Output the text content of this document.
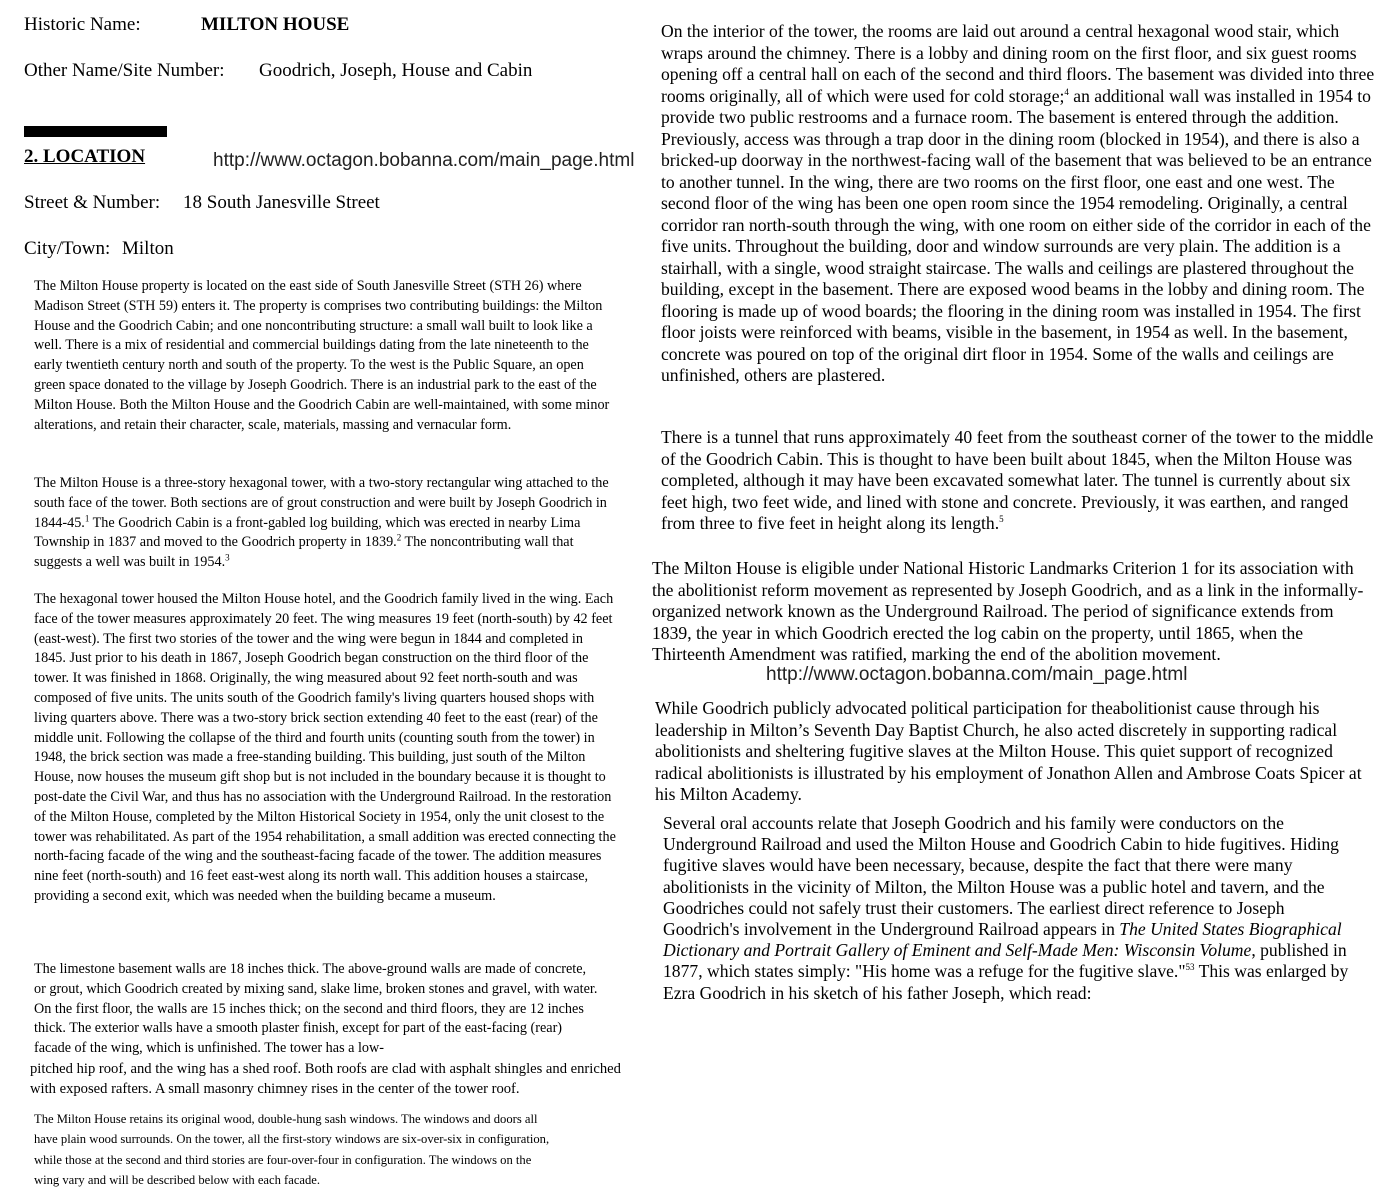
Historic Name:	MILTON HOUSE
Other Name/Site Number: Goodrich, Joseph, House and Cabin
2. LOCATION	http://www.octagon.bobanna.com/main_page.html
Street & Number: 18 South Janesville Street
City/Town: Milton
The Milton House property is located on the east side of South Janesville Street (STH 26) where Madison Street (STH 59) enters it. The property is comprises two contributing buildings: the Milton House and the Goodrich Cabin; and one noncontributing structure: a small wall built to look like a well. There is a mix of residential and commercial buildings dating from the late nineteenth to the early twentieth century north and south of the property. To the west is the Public Square, an open green space donated to the village by Joseph Goodrich. There is an industrial park to the east of the Milton House. Both the Milton House and the Goodrich Cabin are well-maintained, with some minor alterations, and retain their character, scale, materials, massing and vernacular form.
The Milton House is a three-story hexagonal tower, with a two-story rectangular wing attached to the south face of the tower. Both sections are of grout construction and were built by Joseph Goodrich in 1844-45.$^1$ The Goodrich Cabin is a front-gabled log building, which was erected in nearby Lima Township in 1837 and moved to the Goodrich property in 1839.$^2$ The noncontributing wall that suggests a well was built in 1954.$^3$
The hexagonal tower housed the Milton House hotel, and the Goodrich family lived in the wing. Each face of the tower measures approximately 20 feet. The wing measures 19 feet (north-south) by 42 feet (east-west). The first two stories of the tower and the wing were begun in 1844 and completed in 1845. Just prior to his death in 1867, Joseph Goodrich began construction on the third floor of the tower. It was finished in 1868. Originally, the wing measured about 92 feet north-south and was composed of five units. The units south of the Goodrich family's living quarters housed shops with living quarters above. There was a two-story brick section extending 40 feet to the east (rear) of the middle unit. Following the collapse of the third and fourth units (counting south from the tower) in 1948, the brick section was made a free-standing building. This building, just south of the Milton House, now houses the museum gift shop but is not included in the boundary because it is thought to post-date the Civil War, and thus has no association with the Underground Railroad. In the restoration of the Milton House, completed by the Milton Historical Society in 1954, only the unit closest to the tower was rehabilitated. As part of the 1954 rehabilitation, a small addition was erected connecting the north-facing facade of the wing and the southeast-facing facade of the tower. The addition measures nine feet (north-south) and 16 feet east-west along its north wall. This addition houses a staircase, providing a second exit, which was needed when the building became a museum.
The limestone basement walls are 18 inches thick. The above-ground walls are made of concrete, or grout, which Goodrich created by mixing sand, slake lime, broken stones and gravel, with water. On the first floor, the walls are 15 inches thick; on the second and third floors, they are 12 inches thick. The exterior walls have a smooth plaster finish, except for part of the east-facing (rear) facade of the wing, which is unfinished. The tower has a low-
pitched hip roof, and the wing has a shed roof. Both roofs are clad with asphalt shingles and enriched with exposed rafters. A small masonry chimney rises in the center of the tower roof.
The Milton House retains its original wood, double-hung sash windows. The windows and doors all have plain wood surrounds. On the tower, all the first-story windows are six-over-six in configuration, while those at the second and third stories are four-over-four in configuration. The windows on the wing vary and will be described below with each facade.
On the interior of the tower, the rooms are laid out around a central hexagonal wood stair, which wraps around the chimney. There is a lobby and dining room on the first floor, and six guest rooms opening off a central hall on each of the second and third floors. The basement was divided into three rooms originally, all of which were used for cold storage;$^4$ an additional wall was installed in 1954 to provide two public restrooms and a furnace room. The basement is entered through the addition. Previously, access was through a trap door in the dining room (blocked in 1954), and there is also a bricked-up doorway in the northwest-facing wall of the basement that was believed to be an entrance to another tunnel. In the wing, there are two rooms on the first floor, one east and one west. The second floor of the wing has been one open room since the 1954 remodeling. Originally, a central corridor ran north-south through the wing, with one room on either side of the corridor in each of the five units. Throughout the building, door and window surrounds are very plain. The addition is a stairhall, with a single, wood straight staircase. The walls and ceilings are plastered throughout the building, except in the basement. There are exposed wood beams in the lobby and dining room. The flooring is made up of wood boards; the flooring in the dining room was installed in 1954. The first floor joists were reinforced with beams, visible in the basement, in 1954 as well. In the basement, concrete was poured on top of the original dirt floor in 1954. Some of the walls and ceilings are unfinished, others are plastered.
There is a tunnel that runs approximately 40 feet from the southeast corner of the tower to the middle of the Goodrich Cabin. This is thought to have been built about 1845, when the Milton House was completed, although it may have been excavated somewhat later. The tunnel is currently about six feet high, two feet wide, and lined with stone and concrete. Previously, it was earthen, and ranged from three to five feet in height along its length.$^5$
The Milton House is eligible under National Historic Landmarks Criterion 1 for its association with the abolitionist reform movement as represented by Joseph Goodrich, and as a link in the informally-organized network known as the Underground Railroad. The period of significance extends from 1839, the year in which Goodrich erected the log cabin on the property, until 1865, when the Thirteenth Amendment was ratified, marking the end of the abolition movement.
http://www.octagon.bobanna.com/main_page.html
While Goodrich publicly advocated political participation for theabolitionist cause through his leadership in Milton’s Seventh Day Baptist Church, he also acted discretely in supporting radical abolitionists and sheltering fugitive slaves at the Milton House. This quiet support of recognized radical abolitionists is illustrated by his employment of Jonathon Allen and Ambrose Coats Spicer at his Milton Academy.
Several oral accounts relate that Joseph Goodrich and his family were conductors on the Underground Railroad and used the Milton House and Goodrich Cabin to hide fugitives. Hiding fugitive slaves would have been necessary, because, despite the fact that there were many abolitionists in the vicinity of Milton, the Milton House was a public hotel and tavern, and the Goodriches could not safely trust their customers. The earliest direct reference to Joseph Goodrich's involvement in the Underground Railroad appears in The United States Biographical Dictionary and Portrait Gallery of Eminent and Self-Made Men: Wisconsin Volume, published in 1877, which states simply: "His home was a refuge for the fugitive slave."$^{53}$ This was enlarged by Ezra Goodrich in his sketch of his father Joseph, which read:
